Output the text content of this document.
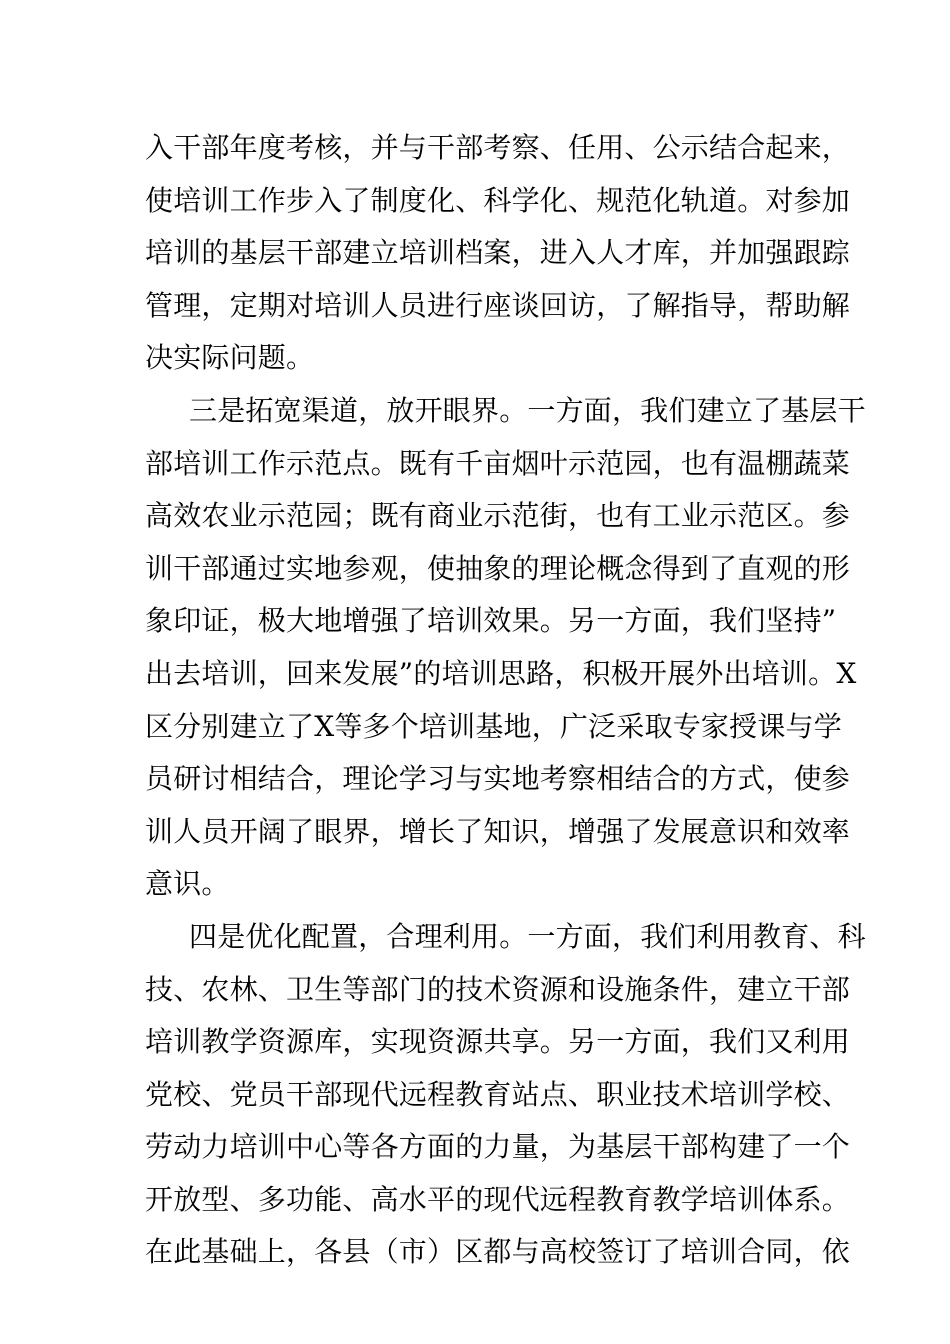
入干部年度考核，并与干部考察、任用、公示结合起来，
使培训工作步入了制度化、科学化、规范化轨道。对参加
培训的基层干部建立培训档案，进入人才库，并加强跟踪
管理，定期对培训人员进行座谈回访，了解指导，帮助解
决实际问题。
三是拓宽渠道，放开眼界。一方面，我们建立了基层干
部培训工作示范点。既有千亩烟叶示范园，也有温棚蔬菜
高效农业示范园；既有商业示范街，也有工业示范区。参
训干部通过实地参观，使抽象的理论概念得到了直观的形
象印证，极大地增强了培训效果。另一方面，我们坚持”
出去培训，回来发展”的培训思路，积极开展外出培训。X
区分别建立了X等多个培训基地，广泛采取专家授课与学
员研讨相结合，理论学习与实地考察相结合的方式，使参
训人员开阔了眼界，增长了知识，增强了发展意识和效率
意识。
四是优化配置，合理利用。一方面，我们利用教育、科
技、农林、卫生等部门的技术资源和设施条件，建立干部
培训教学资源库，实现资源共享。另一方面，我们又利用
党校、党员干部现代远程教育站点、职业技术培训学校、
劳动力培训中心等各方面的力量，为基层干部构建了一个
开放型、多功能、高水平的现代远程教育教学培训体系。
在此基础上，各县（市）区都与高校签订了培训合同，依
